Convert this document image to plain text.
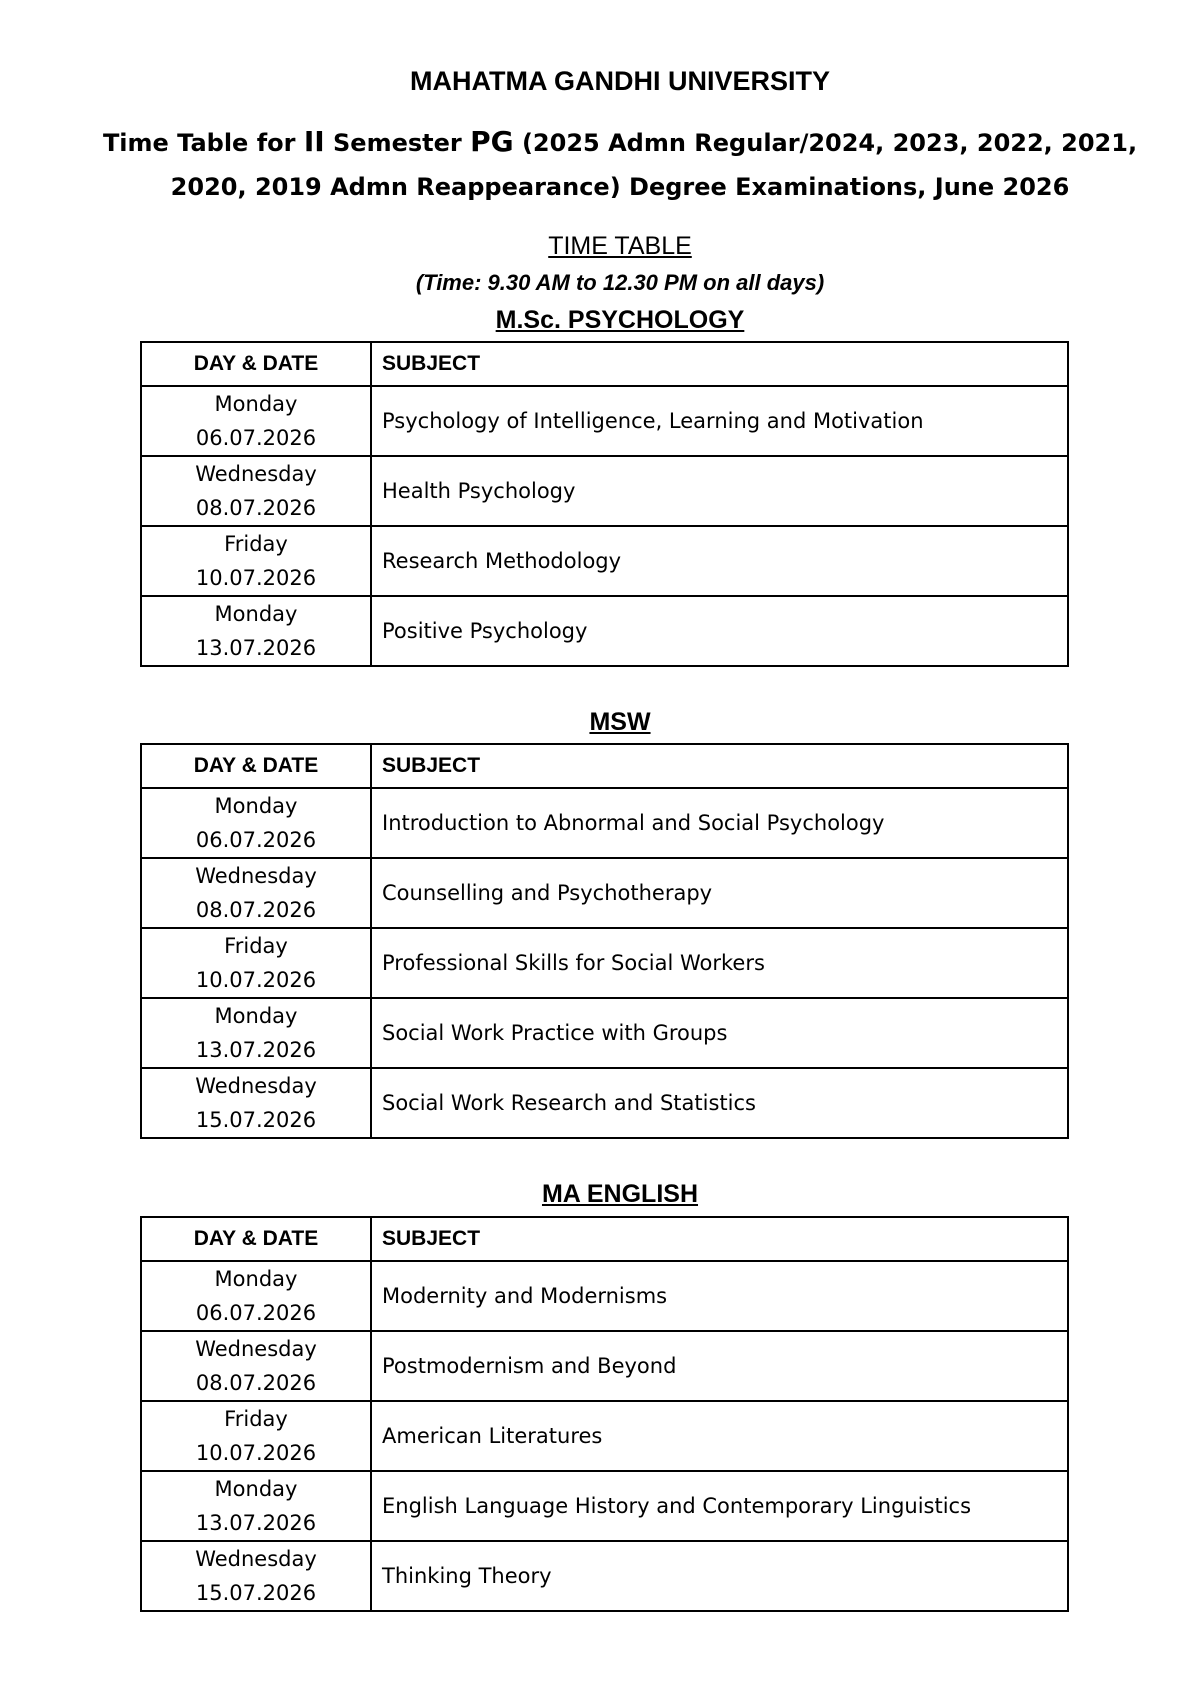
MAHATMA GANDHI UNIVERSITY
Time Table for II Semester PG (2025 Admn Regular/2024, 2023, 2022, 2021, 2020, 2019 Admn Reappearance) Degree Examinations, June 2026
TIME TABLE
(Time: 9.30 AM to 12.30 PM on all days)
M.Sc. PSYCHOLOGY
DAY & DATE	SUBJECT
Monday
06.07.2026	Psychology of Intelligence, Learning and Motivation
Wednesday
08.07.2026	Health Psychology
Friday
10.07.2026	Research Methodology
Monday
13.07.2026	Positive Psychology
MSW
DAY & DATE	SUBJECT
Monday
06.07.2026	Introduction to Abnormal and Social Psychology
Wednesday
08.07.2026	Counselling and Psychotherapy
Friday
10.07.2026	Professional Skills for Social Workers
Monday
13.07.2026	Social Work Practice with Groups
Wednesday
15.07.2026	Social Work Research and Statistics
MA ENGLISH
DAY & DATE	SUBJECT
Monday
06.07.2026	Modernity and Modernisms
Wednesday
08.07.2026	Postmodernism and Beyond
Friday
10.07.2026	American Literatures
Monday
13.07.2026	English Language History and Contemporary Linguistics
Wednesday
15.07.2026	Thinking Theory
